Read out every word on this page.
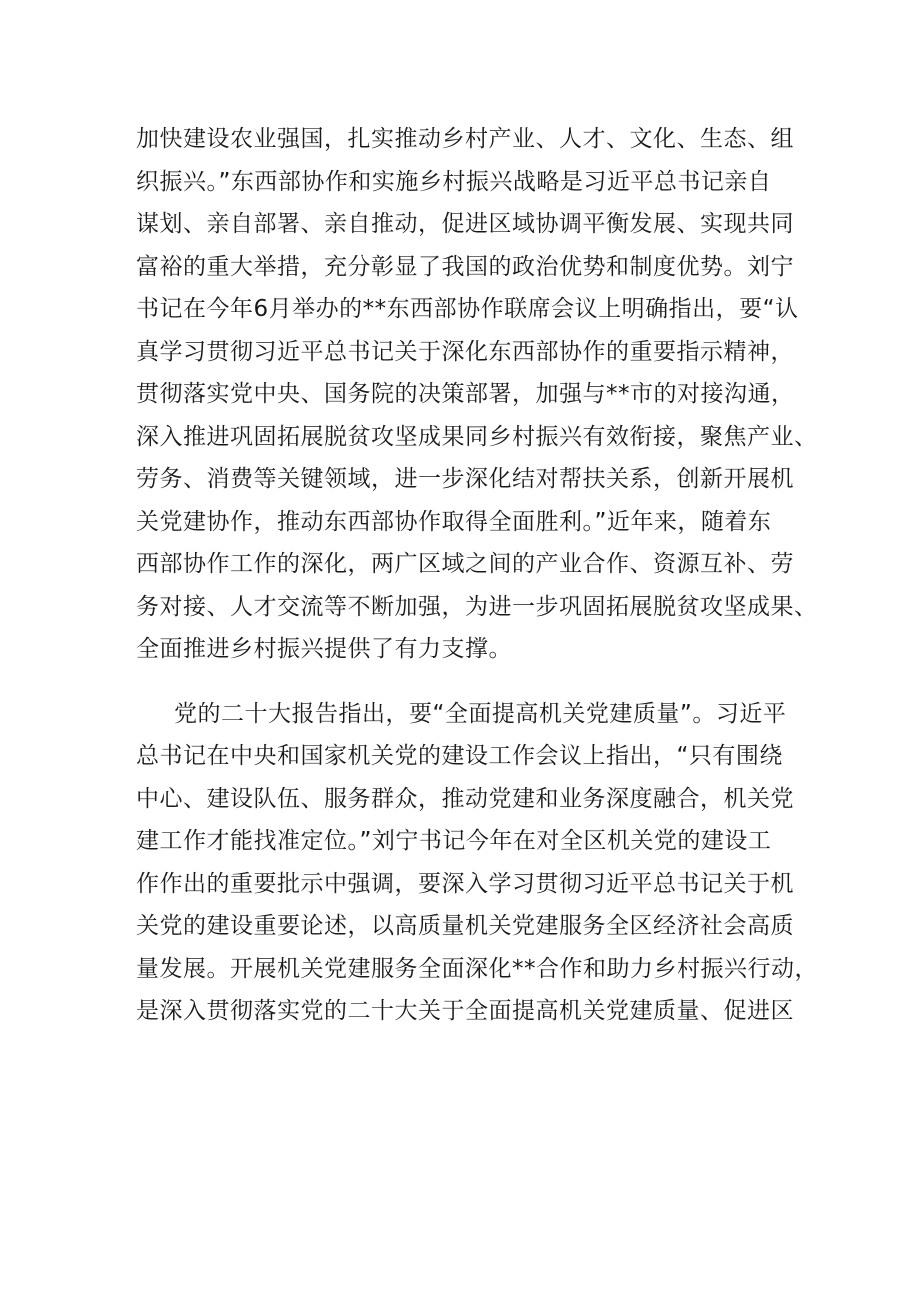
加快建设农业强国，扎实推动乡村产业、人才、文化、生态、组
织振兴。”东西部协作和实施乡村振兴战略是习近平总书记亲自
谋划、亲自部署、亲自推动，促进区域协调平衡发展、实现共同
富裕的重大举措，充分彰显了我国的政治优势和制度优势。刘宁
书记在今年6月举办的**东西部协作联席会议上明确指出，要“认
真学习贯彻习近平总书记关于深化东西部协作的重要指示精神，
贯彻落实党中央、国务院的决策部署，加强与**市的对接沟通，
深入推进巩固拓展脱贫攻坚成果同乡村振兴有效衔接，聚焦产业、
劳务、消费等关键领域，进一步深化结对帮扶关系，创新开展机
关党建协作，推动东西部协作取得全面胜利。”近年来，随着东
西部协作工作的深化，两广区域之间的产业合作、资源互补、劳
务对接、人才交流等不断加强，为进一步巩固拓展脱贫攻坚成果、
全面推进乡村振兴提供了有力支撑。
党的二十大报告指出，要“全面提高机关党建质量”。习近平
总书记在中央和国家机关党的建设工作会议上指出，“只有围绕
中心、建设队伍、服务群众，推动党建和业务深度融合，机关党
建工作才能找准定位。”刘宁书记今年在对全区机关党的建设工
作作出的重要批示中强调，要深入学习贯彻习近平总书记关于机
关党的建设重要论述，以高质量机关党建服务全区经济社会高质
量发展。开展机关党建服务全面深化**合作和助力乡村振兴行动，
是深入贯彻落实党的二十大关于全面提高机关党建质量、促进区
